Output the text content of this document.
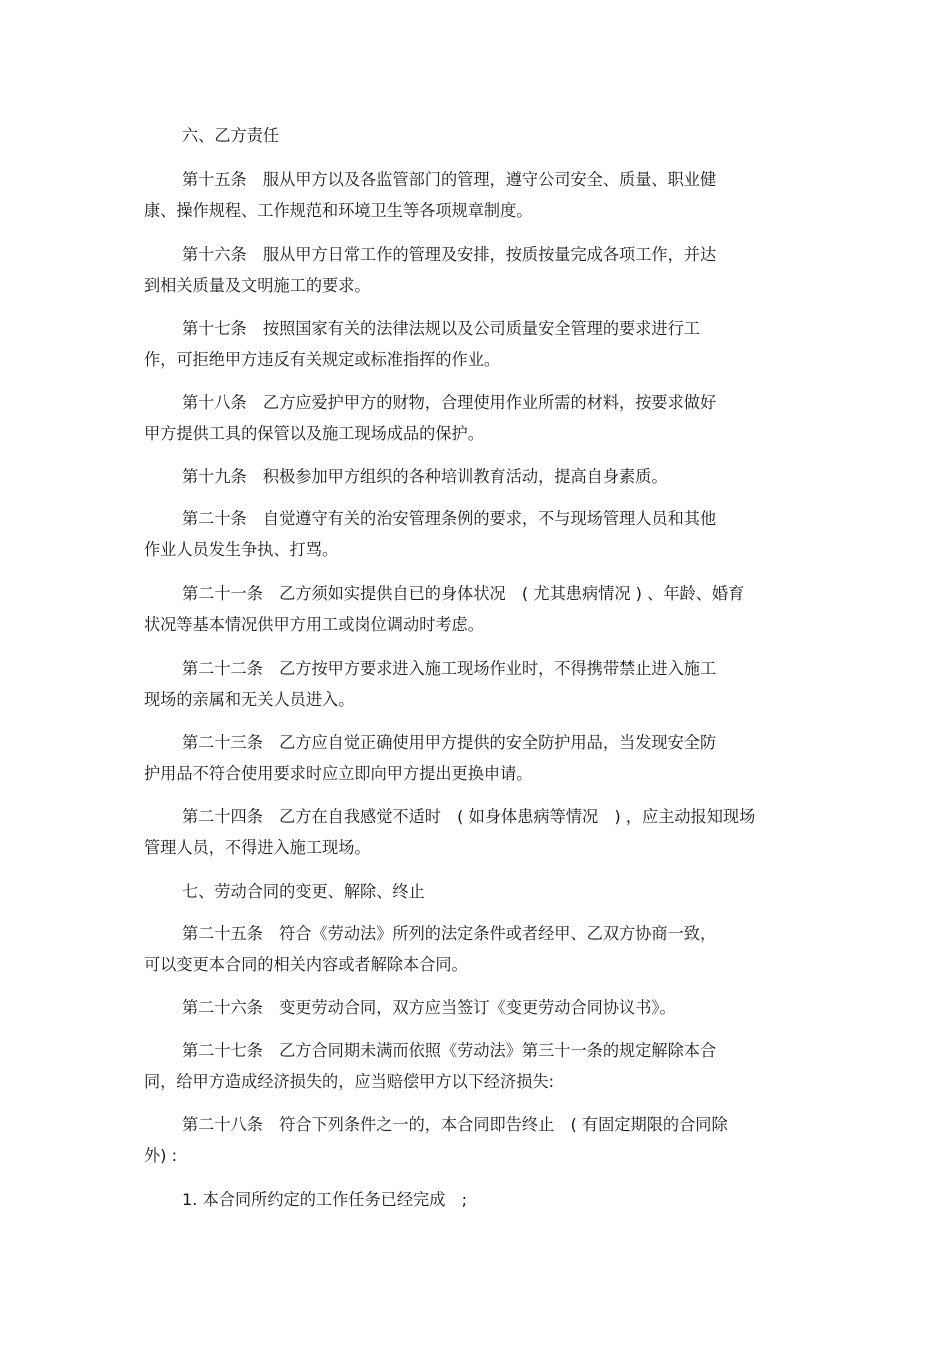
六、乙方责任

第十五条　服从甲方以及各监管部门的管理，遵守公司安全、质量、职业健
康、操作规程、工作规范和环境卫生等各项规章制度。

第十六条　服从甲方日常工作的管理及安排，按质按量完成各项工作，并达
到相关质量及文明施工的要求。

第十七条　按照国家有关的法律法规以及公司质量安全管理的要求进行工
作，可拒绝甲方违反有关规定或标准指挥的作业。

第十八条　乙方应爱护甲方的财物，合理使用作业所需的材料，按要求做好
甲方提供工具的保管以及施工现场成品的保护。

第十九条　积极参加甲方组织的各种培训教育活动，提高自身素质。

第二十条　自觉遵守有关的治安管理条例的要求，不与现场管理人员和其他
作业人员发生争执、打骂。

第二十一条　乙方须如实提供自已的身体状况　( 尤其患病情况 ) 、年龄、婚育
状况等基本情况供甲方用工或岗位调动时考虑。

第二十二条　乙方按甲方要求进入施工现场作业时，不得携带禁止进入施工
现场的亲属和无关人员进入。

第二十三条　乙方应自觉正确使用甲方提供的安全防护用品，当发现安全防
护用品不符合使用要求时应立即向甲方提出更换申请。

第二十四条　乙方在自我感觉不适时　( 如身体患病等情况　) ，应主动报知现场
管理人员，不得进入施工现场。

七、劳动合同的变更、解除、终止

第二十五条　符合《劳动法》所列的法定条件或者经甲、乙双方协商一致，
可以变更本合同的相关内容或者解除本合同。

第二十六条　变更劳动合同，双方应当签订《变更劳动合同协议书》。

第二十七条　乙方合同期未满而依照《劳动法》第三十一条的规定解除本合
同，给甲方造成经济损失的，应当赔偿甲方以下经济损失:

第二十八条　符合下列条件之一的，本合同即告终止　( 有固定期限的合同除
外) :

1. 本合同所约定的工作任务已经完成　;
